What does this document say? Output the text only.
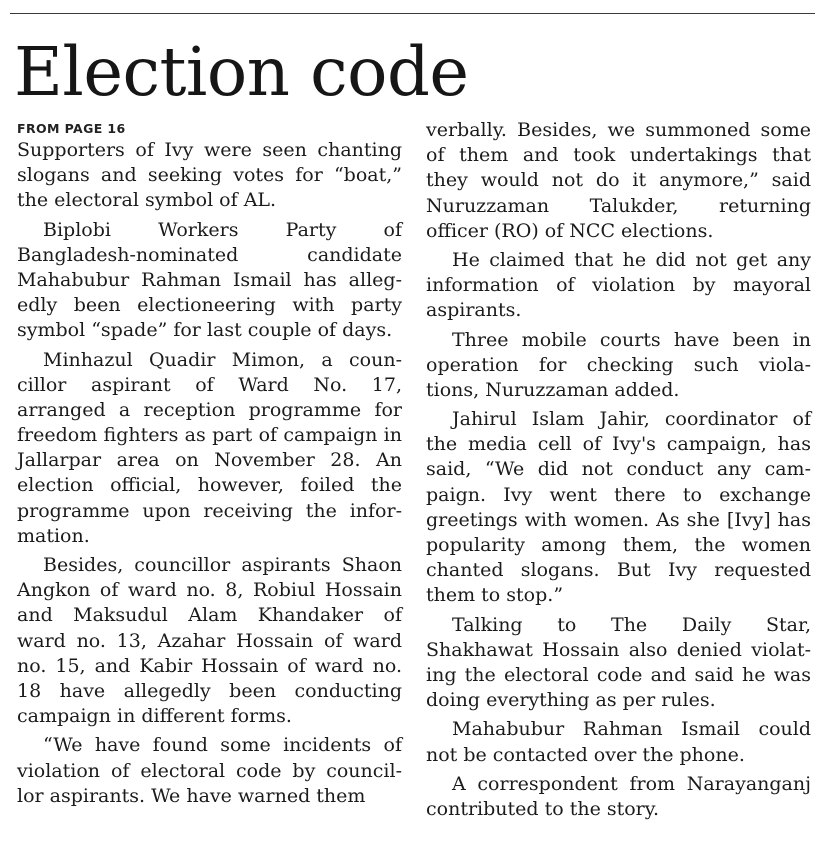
Election code
FROM PAGE 16
Supporters of Ivy were seen chanting
slogans and seeking votes for “boat,”
the electoral symbol of AL.
Biplobi Workers Party of
Bangladesh-nominated candidate
Mahabubur Rahman Ismail has alleg-
edly been electioneering with party
symbol “spade” for last couple of days.
Minhazul Quadir Mimon, a coun-
cillor aspirant of Ward No. 17,
arranged a reception programme for
freedom fighters as part of campaign in
Jallarpar area on November 28. An
election official, however, foiled the
programme upon receiving the infor-
mation.
Besides, councillor aspirants Shaon
Angkon of ward no. 8, Robiul Hossain
and Maksudul Alam Khandaker of
ward no. 13, Azahar Hossain of ward
no. 15, and Kabir Hossain of ward no.
18 have allegedly been conducting
campaign in different forms.
“We have found some incidents of
violation of electoral code by council-
lor aspirants. We have warned them
verbally. Besides, we summoned some
of them and took undertakings that
they would not do it anymore,” said
Nuruzzaman Talukder, returning
officer (RO) of NCC elections.
He claimed that he did not get any
information of violation by mayoral
aspirants.
Three mobile courts have been in
operation for checking such viola-
tions, Nuruzzaman added.
Jahirul Islam Jahir, coordinator of
the media cell of Ivy's campaign, has
said, “We did not conduct any cam-
paign. Ivy went there to exchange
greetings with women. As she [Ivy] has
popularity among them, the women
chanted slogans. But Ivy requested
them to stop.”
Talking to The Daily Star,
Shakhawat Hossain also denied violat-
ing the electoral code and said he was
doing everything as per rules.
Mahabubur Rahman Ismail could
not be contacted over the phone.
A correspondent from Narayanganj
contributed to the story.
